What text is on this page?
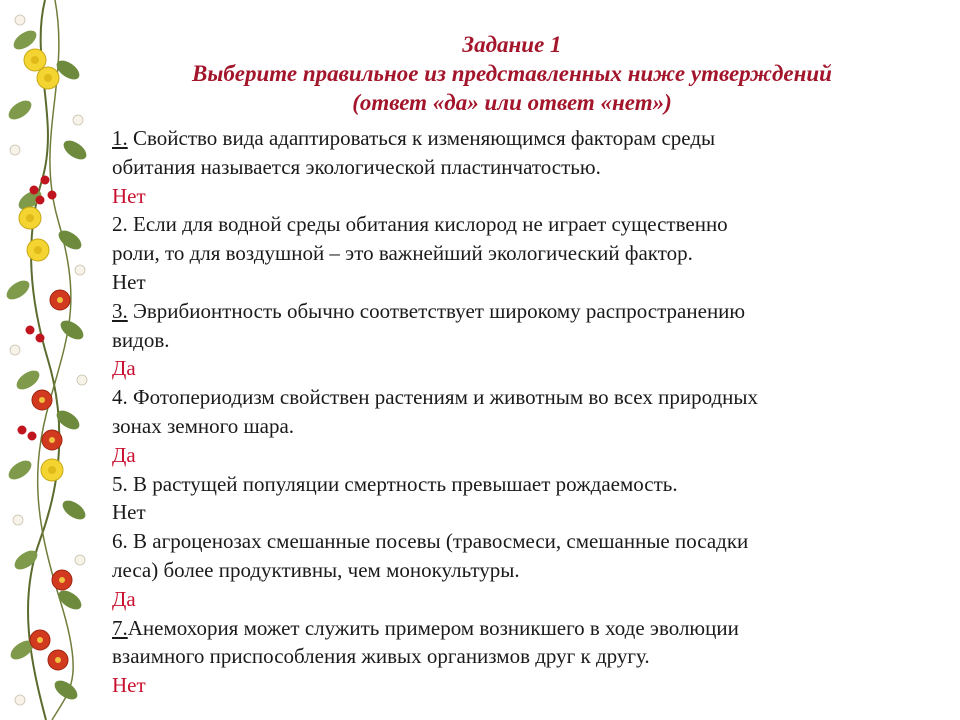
Задание 1
Выберите правильное из представленных ниже утверждений
(ответ «да» или ответ «нет»)
1. Свойство вида адаптироваться к изменяющимся факторам среды
обитания называется экологической пластинчатостью.
Нет
2. Если для водной среды обитания кислород не играет существенно
роли, то для воздушной – это важнейший экологический фактор.
Нет
3. Эврибионтность обычно соответствует широкому распространению
видов.
Да
4. Фотопериодизм свойствен растениям и животным во всех природных
зонах земного шара.
Да
5. В растущей популяции смертность превышает рождаемость.
Нет
6. В агроценозах смешанные посевы (травосмеси, смешанные посадки
леса) более продуктивны, чем монокультуры.
Да
7.Анемохория может служить примером возникшего в ходе эволюции
взаимного приспособления живых организмов друг к другу.
Нет
